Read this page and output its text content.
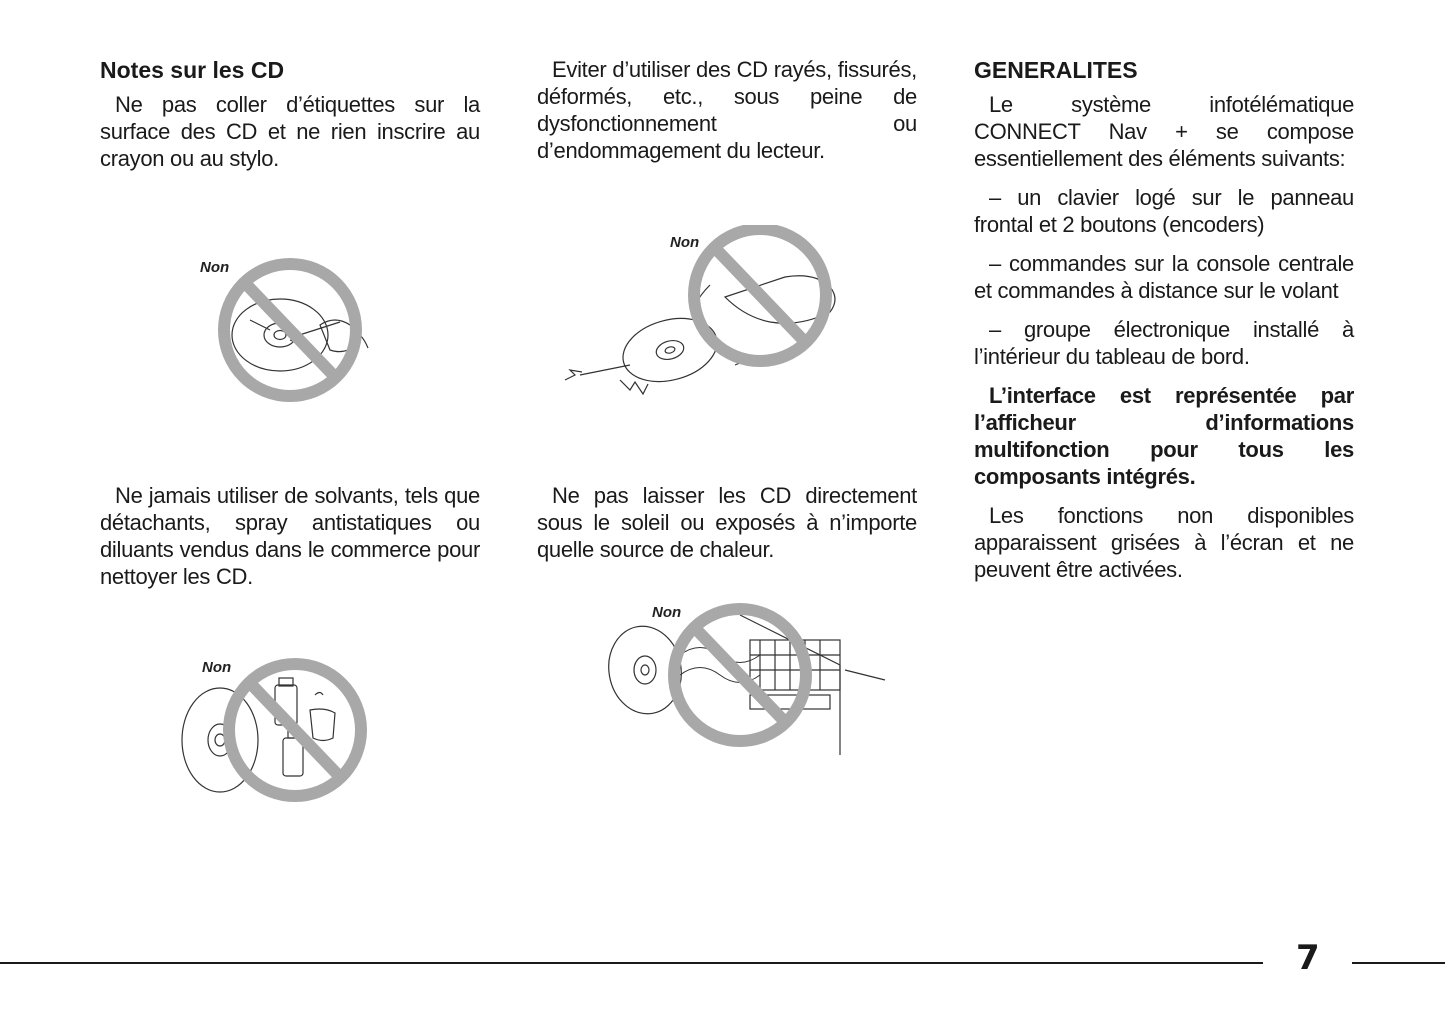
Notes sur les CD

Ne pas coller d’étiquettes sur la surface des CD et ne rien inscrire au crayon ou au stylo.

Ne jamais utiliser de solvants, tels que détachants, spray antistatiques ou diluants vendus dans le commerce pour nettoyer les CD.

Eviter d’utiliser des CD rayés, fissurés, déformés, etc., sous peine de dysfonctionnement ou d’endommagement du lecteur.

Ne pas laisser les CD directement sous le soleil ou exposés à n’importe quelle source de chaleur.

GENERALITES

Le système infotélématique CONNECT Nav + se compose essentiellement des éléments suivants:

– un clavier logé sur le panneau frontal et 2 boutons (encoders)

– commandes sur la console centrale et commandes à distance sur le volant

– groupe électronique installé à l’intérieur du tableau de bord.

L’interface est représentée par l’afficheur d’informations multifonction pour tous les composants intégrés.

Les fonctions non disponibles apparaissent grisées à l’écran et ne peuvent être activées.

Non
Non
Non
Non
7
